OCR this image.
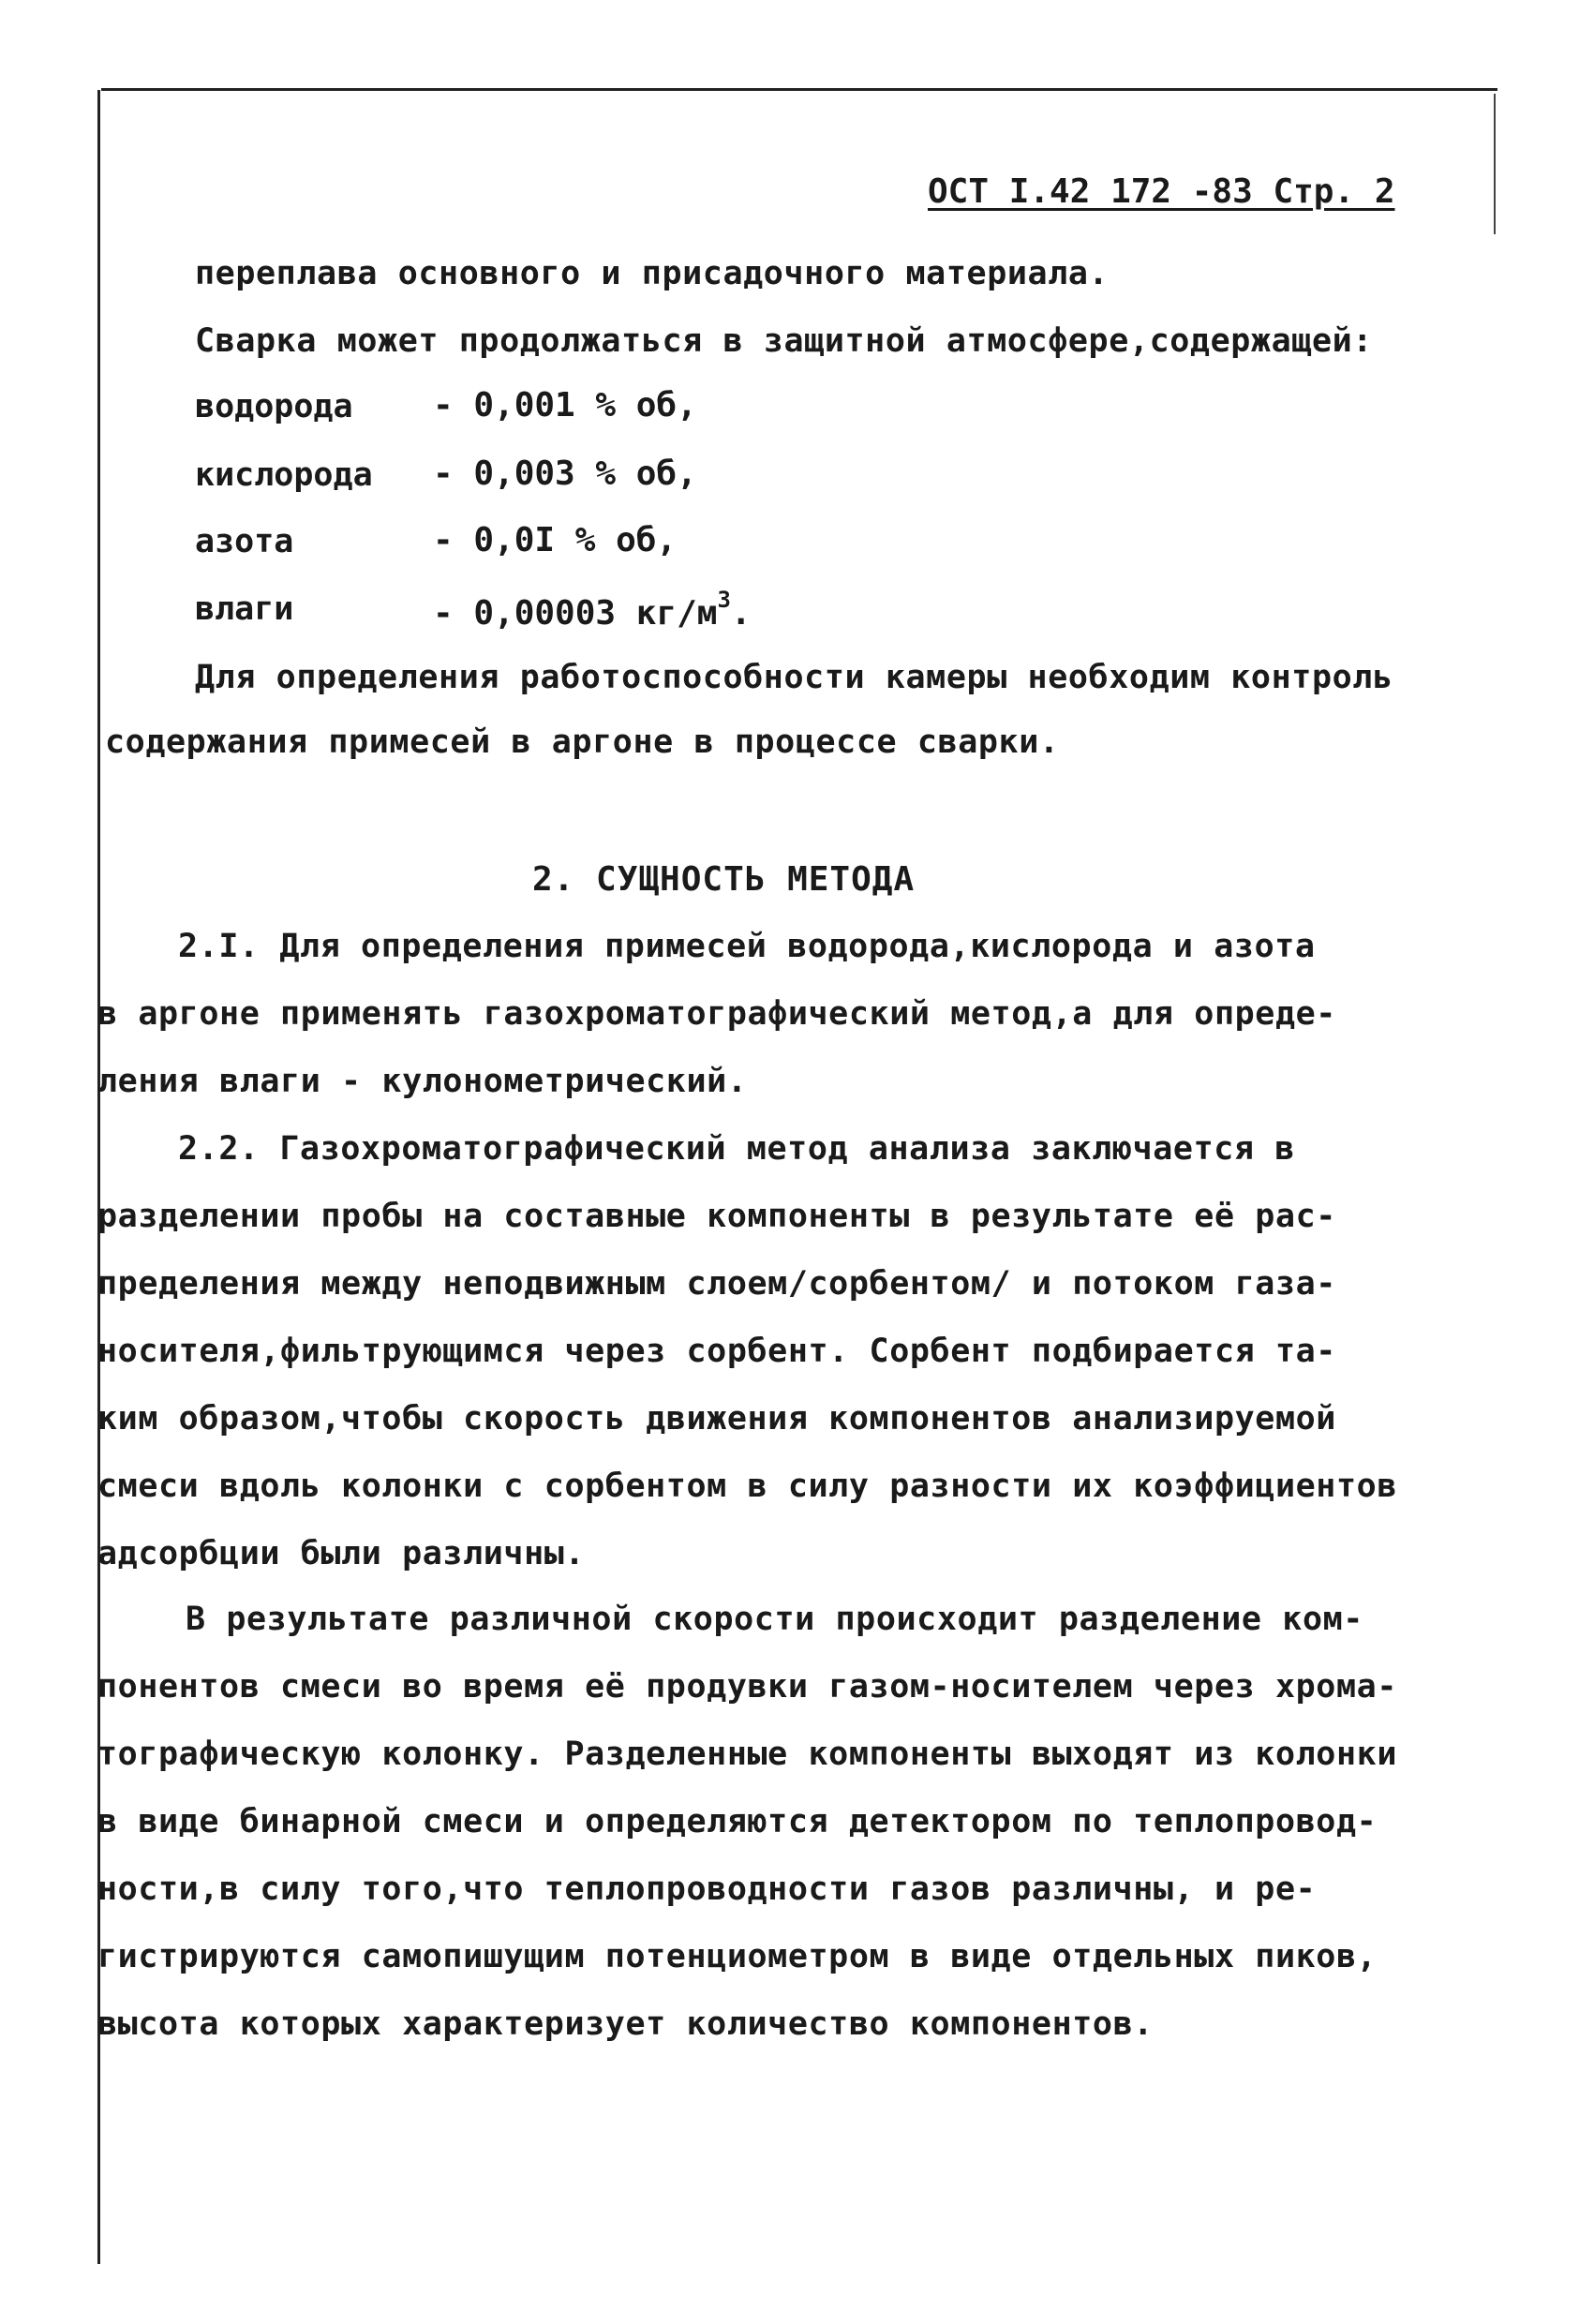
ОСТ I.42 172 -83 Стр. 2
переплава основного и присадочного материала.
Сварка может продолжаться в защитной атмосфере,содержащей:
водорода - 0,001 % об,
кислорода - 0,003 % об,
азота	- 0,0I % об,
влаги	- 0,00003 $кг/м^3$.
Для определения работоспособности камеры необходим контроль
содержания примесей в аргоне в процессе сварки.
2. СУЩНОСТЬ МЕТОДА
2.I. Для определения примесей водорода,кислорода и азота
в аргоне применять газохроматографический метод,а для опреде-
ления влаги - кулонометрический.
2.2. Газохроматографический метод анализа заключается в
разделении пробы на составные компоненты в результате её рас-
пределения между неподвижным слоем/сорбентом/ и потоком газа-
носителя,фильтрующимся через сорбент. Сорбент подбирается та-
ким образом,чтобы скорость движения компонентов анализируемой
смеси вдоль колонки с сорбентом в силу разности их коэффициентов
адсорбции были различны.
В результате различной скорости происходит разделение ком-
понентов смеси во время её продувки газом-носителем через хрома-
тографическую колонку. Разделенные компоненты выходят из колонки
в виде бинарной смеси и определяются детектором по теплопровод-
ности,в силу того,что теплопроводности газов различны, и ре-
гистрируются самопишущим потенциометром в виде отдельных пиков,
высота которых характеризует количество компонентов.
